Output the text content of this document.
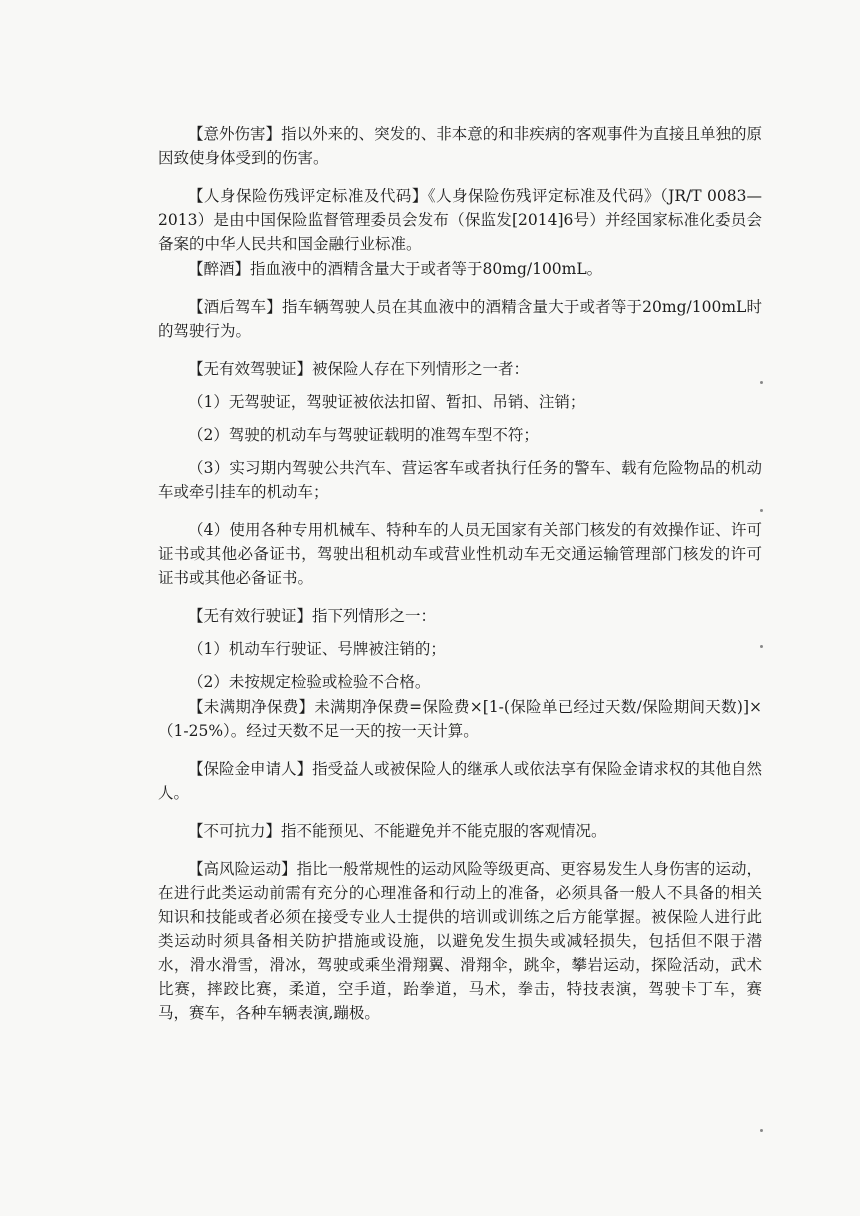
【意外伤害】指以外来的、突发的、非本意的和非疾病的客观事件为直接且单独的原因致使身体受到的伤害。

【人身保险伤残评定标准及代码】《人身保险伤残评定标准及代码》（JR/T 0083—2013）是由中国保险监督管理委员会发布（保监发[2014]6号）并经国家标准化委员会备案的中华人民共和国金融行业标准。

【醉酒】指血液中的酒精含量大于或者等于80mg/100mL。

【酒后驾车】指车辆驾驶人员在其血液中的酒精含量大于或者等于20mg/100mL时的驾驶行为。

【无有效驾驶证】被保险人存在下列情形之一者：

（1）无驾驶证，驾驶证被依法扣留、暂扣、吊销、注销；

（2）驾驶的机动车与驾驶证载明的准驾车型不符；

（3）实习期内驾驶公共汽车、营运客车或者执行任务的警车、载有危险物品的机动车或牵引挂车的机动车；

（4）使用各种专用机械车、特种车的人员无国家有关部门核发的有效操作证、许可证书或其他必备证书，驾驶出租机动车或营业性机动车无交通运输管理部门核发的许可证书或其他必备证书。

【无有效行驶证】指下列情形之一：

（1）机动车行驶证、号牌被注销的；

（2）未按规定检验或检验不合格。

【未满期净保费】未满期净保费=保险费×[1-(保险单已经过天数/保险期间天数)]×（1-25%）。经过天数不足一天的按一天计算。

【保险金申请人】指受益人或被保险人的继承人或依法享有保险金请求权的其他自然人。

【不可抗力】指不能预见、不能避免并不能克服的客观情况。

【高风险运动】指比一般常规性的运动风险等级更高、更容易发生人身伤害的运动，在进行此类运动前需有充分的心理准备和行动上的准备，必须具备一般人不具备的相关知识和技能或者必须在接受专业人士提供的培训或训练之后方能掌握。被保险人进行此类运动时须具备相关防护措施或设施，以避免发生损失或减轻损失，包括但不限于潜水，滑水滑雪，滑冰，驾驶或乘坐滑翔翼、滑翔伞，跳伞，攀岩运动，探险活动，武术比赛，摔跤比赛，柔道，空手道，跆拳道，马术，拳击，特技表演，驾驶卡丁车，赛马，赛车，各种车辆表演,蹦极。
